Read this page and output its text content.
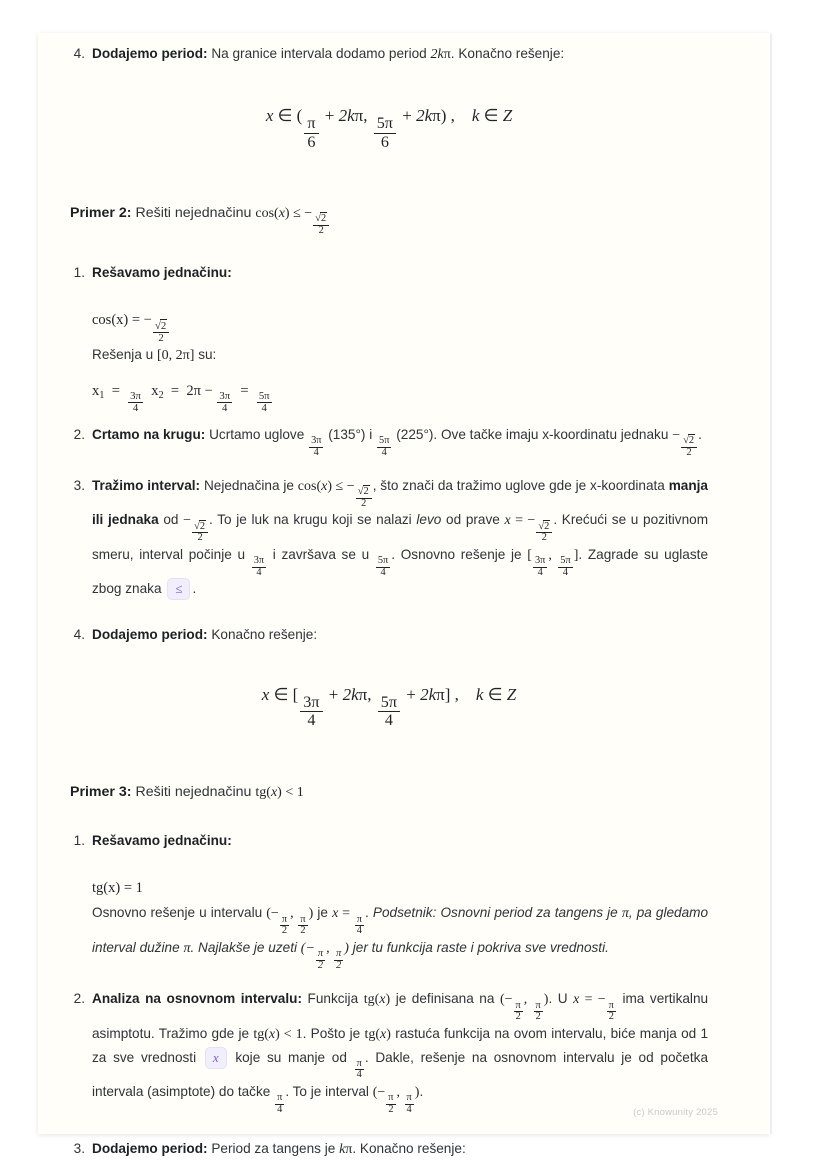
4. Dodajemo period: Na granice intervala dodamo period 2kπ. Konačno rešenje:

x ∈ (
$\frac{\pi}{6}$
+ 2kπ,
$\frac{5\pi}{6}$
+ 2kπ) ,    k ∈ Z

Primer 2: Rešiti nejednačinu cos(x) ≤ −
$\frac{√2}{2}$

1. Rešavamo jednačinu:

cos(x) = −
$\frac{√2}{2}$

Rešenja u [0, 2π] su:

$x_1$  =
$\frac{3\pi}{4}$
$x_2 = 2\pi$ −
$\frac{3\pi}{4}$
=
$\frac{5\pi}{4}$
2. Crtamo na krugu: Ucrtamo uglove
$\frac{3\pi}{4}$
(135°) i
$\frac{5\pi}{4}$
(225°). Ove tačke imaju x-koordinatu jednaku −
$\frac{√2}{2}$
.

3. Tražimo interval: Nejednačina je cos(x) ≤ −
$\frac{√2}{2}$
, što znači da tražimo uglove gde je x-koordinata manja ili jednaka od −
$\frac{√2}{2}$
. To je luk na krugu koji se nalazi levo od prave x = −
$\frac{√2}{2}$
. Krećući se u pozitivnom smeru, interval počinje u
$\frac{3\pi}{4}$
i završava se u
$\frac{5\pi}{4}$
. Osnovno rešenje je [
$\frac{3\pi}{4}$
,
$\frac{5\pi}{4}$
]. Zagrade su uglaste zbog znaka ≤ .

4. Dodajemo period: Konačno rešenje:

x ∈ [
$\frac{3\pi}{4}$
+ 2kπ,
$\frac{5\pi}{4}$
+ 2kπ] ,    k ∈ Z

Primer 3: Rešiti nejednačinu tg(x) < 1

1. Rešavamo jednačinu:

tg(x) = 1

Osnovno rešenje u intervalu (−
$\frac{\pi}{2}$
,
$\frac{\pi}{2}$
) je x =
$\frac{\pi}{4}$
. Podsetnik: Osnovni period za tangens je π, pa gledamo interval dužine π. Najlakše je uzeti (−
$\frac{\pi}{2}$
,
$\frac{\pi}{2}$
) jer tu funkcija raste i pokriva sve vrednosti.

2. Analiza na osnovnom intervalu: Funkcija tg(x) je definisana na (−
$\frac{\pi}{2}$
,
$\frac{\pi}{2}$
). U x = −
$\frac{\pi}{2}$
ima vertikalnu asimptotu. Tražimo gde je tg(x) < 1. Pošto je tg(x) rastuća funkcija na ovom intervalu, biće manja od 1 za sve vrednosti x koje su manje od
$\frac{\pi}{4}$
. Dakle, rešenje na osnovnom intervalu je od početka intervala (asimptote) do tačke
$\frac{\pi}{4}$
. To je interval (−
$\frac{\pi}{2}$
,
$\frac{\pi}{4}$
).

3. Dodajemo period: Period za tangens je kπ. Konačno rešenje:

(c) Knowunity 2025
